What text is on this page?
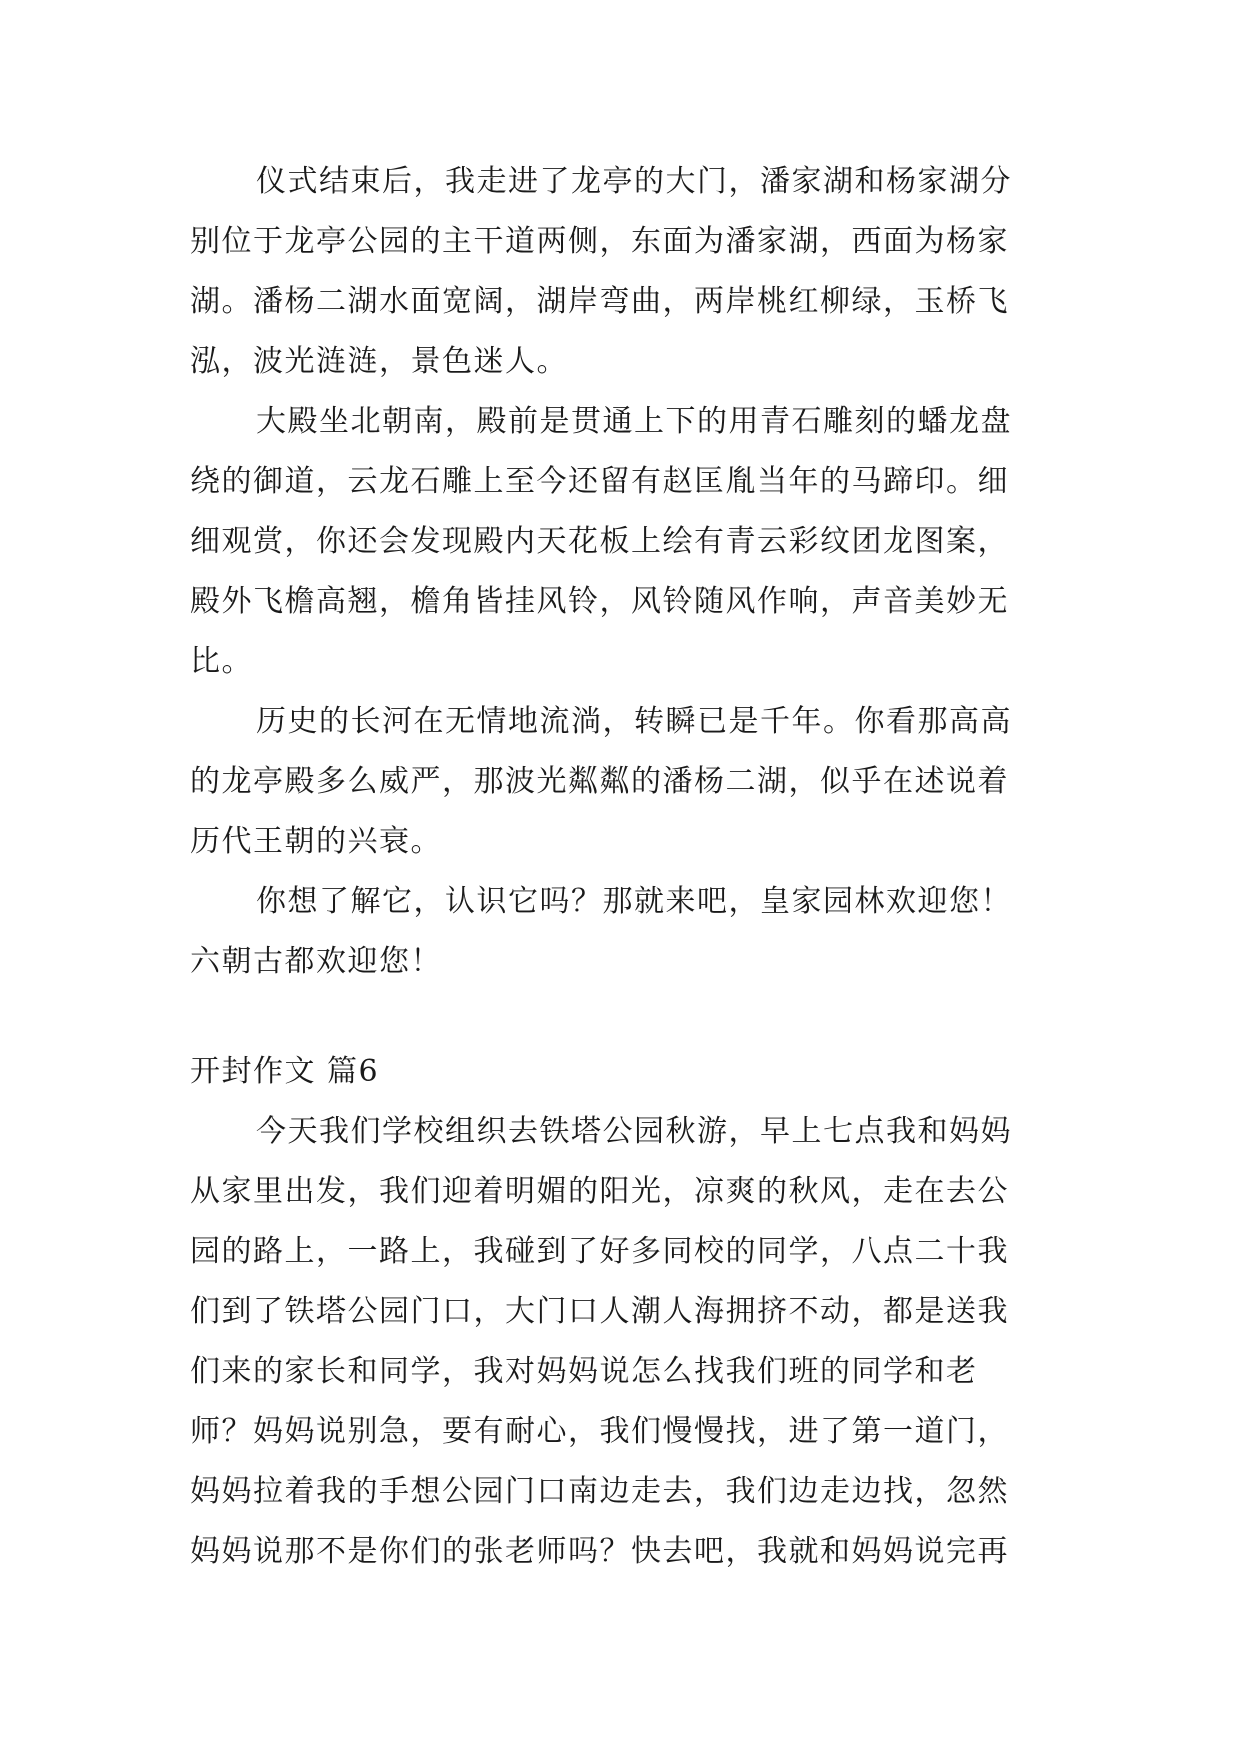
仪式结束后，我走进了龙亭的大门，潘家湖和杨家湖分
别位于龙亭公园的主干道两侧，东面为潘家湖，西面为杨家
湖。潘杨二湖水面宽阔，湖岸弯曲，两岸桃红柳绿，玉桥飞
泓，波光涟涟，景色迷人。
大殿坐北朝南，殿前是贯通上下的用青石雕刻的蟠龙盘
绕的御道，云龙石雕上至今还留有赵匡胤当年的马蹄印。细
细观赏，你还会发现殿内天花板上绘有青云彩纹团龙图案，
殿外飞檐高翘，檐角皆挂风铃，风铃随风作响，声音美妙无
比。
历史的长河在无情地流淌，转瞬已是千年。你看那高高
的龙亭殿多么威严，那波光粼粼的潘杨二湖，似乎在述说着
历代王朝的兴衰。
你想了解它，认识它吗？那就来吧，皇家园林欢迎您！
六朝古都欢迎您！
开封作文 篇6
今天我们学校组织去铁塔公园秋游，早上七点我和妈妈
从家里出发，我们迎着明媚的阳光，凉爽的秋风，走在去公
园的路上，一路上，我碰到了好多同校的同学，八点二十我
们到了铁塔公园门口，大门口人潮人海拥挤不动，都是送我
们来的家长和同学，我对妈妈说怎么找我们班的同学和老
师？妈妈说别急，要有耐心，我们慢慢找，进了第一道门，
妈妈拉着我的手想公园门口南边走去，我们边走边找，忽然
妈妈说那不是你们的张老师吗？快去吧，我就和妈妈说完再
